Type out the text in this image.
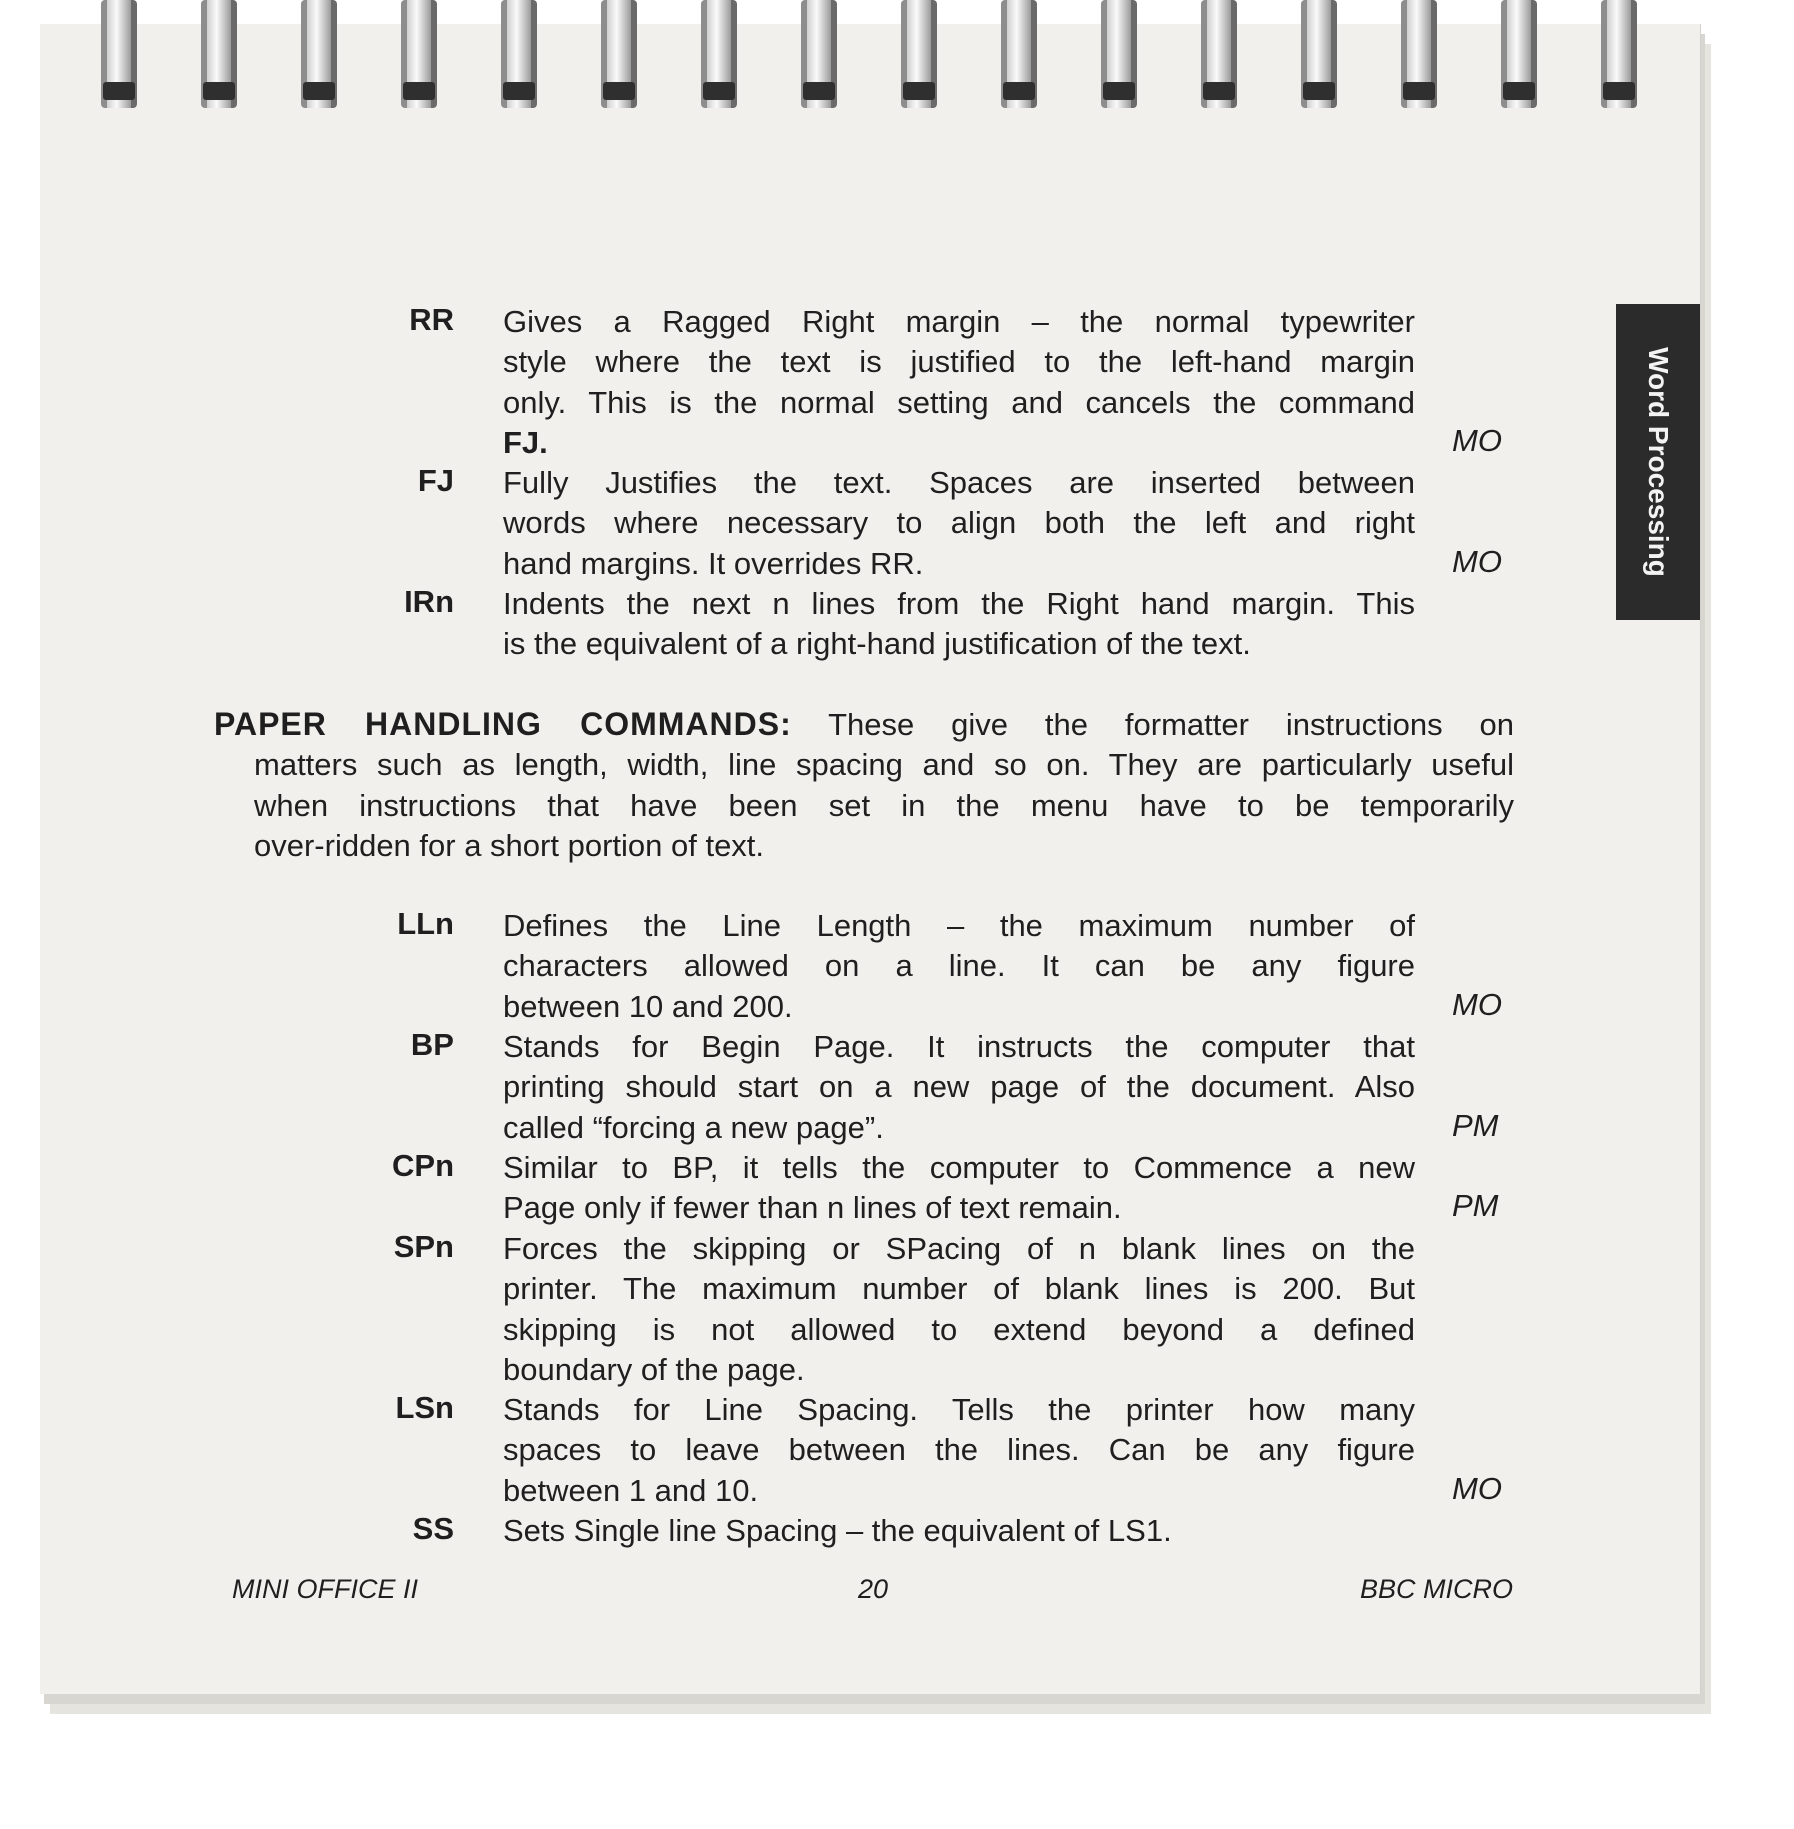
Word Processing
RR Gives a Ragged Right margin – the normal typewriter
style where the text is justified to the left-hand margin
only. This is the normal setting and cancels the command
FJ.	MO
FJ Fully Justifies the text. Spaces are inserted between
words where necessary to align both the left and right
hand margins. It overrides RR.	MO
IRn Indents the next n lines from the Right hand margin. This
is the equivalent of a right-hand justification of the text.
PAPER HANDLING COMMANDS: These give the formatter instructions on
matters such as length, width, line spacing and so on. They are particularly useful
when instructions that have been set in the menu have to be temporarily
over-ridden for a short portion of text.
LLn Defines the Line Length – the maximum number of
characters allowed on a line. It can be any figure
between 10 and 200.	MO
BP Stands for Begin Page. It instructs the computer that
printing should start on a new page of the document. Also
called “forcing a new page”.	PM
CPn Similar to BP, it tells the computer to Commence a new
Page only if fewer than n lines of text remain.	PM
SPn Forces the skipping or SPacing of n blank lines on the
printer. The maximum number of blank lines is 200. But
skipping is not allowed to extend beyond a defined
boundary of the page.
LSn Stands for Line Spacing. Tells the printer how many
spaces to leave between the lines. Can be any figure
between 1 and 10.	MO
SS Sets Single line Spacing – the equivalent of LS1.
MINI OFFICE II	20	BBC MICRO
